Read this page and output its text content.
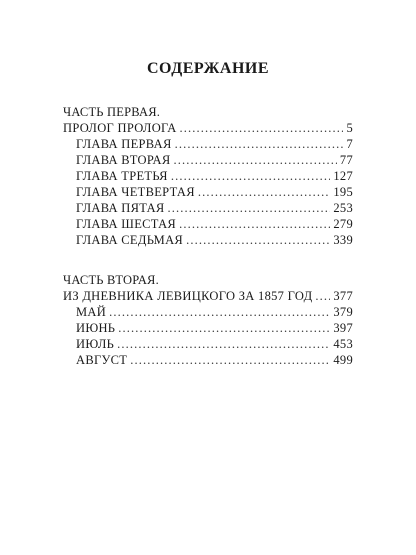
СОДЕРЖАНИЕ
ЧАСТЬ ПЕРВАЯ.
ПРОЛОГ ПРОЛОГА . . .	5
ГЛАВА ПЕРВАЯ . . .	7
ГЛАВА ВТОРАЯ . . .	77
ГЛАВА ТРЕТЬЯ . . .	127
ГЛАВА ЧЕТВЕРТАЯ . . .	195
ГЛАВА ПЯТАЯ . . .	253
ГЛАВА ШЕСТАЯ . . .	279
ГЛАВА СЕДЬМАЯ . . .	339
ЧАСТЬ ВТОРАЯ.
ИЗ ДНЕВНИКА ЛЕВИЦКОГО ЗА 1857 ГОД . . . 377
МАЙ . . .	379
ИЮНЬ . . .	397
ИЮЛЬ . . .	453
АВГУСТ . . .	499
